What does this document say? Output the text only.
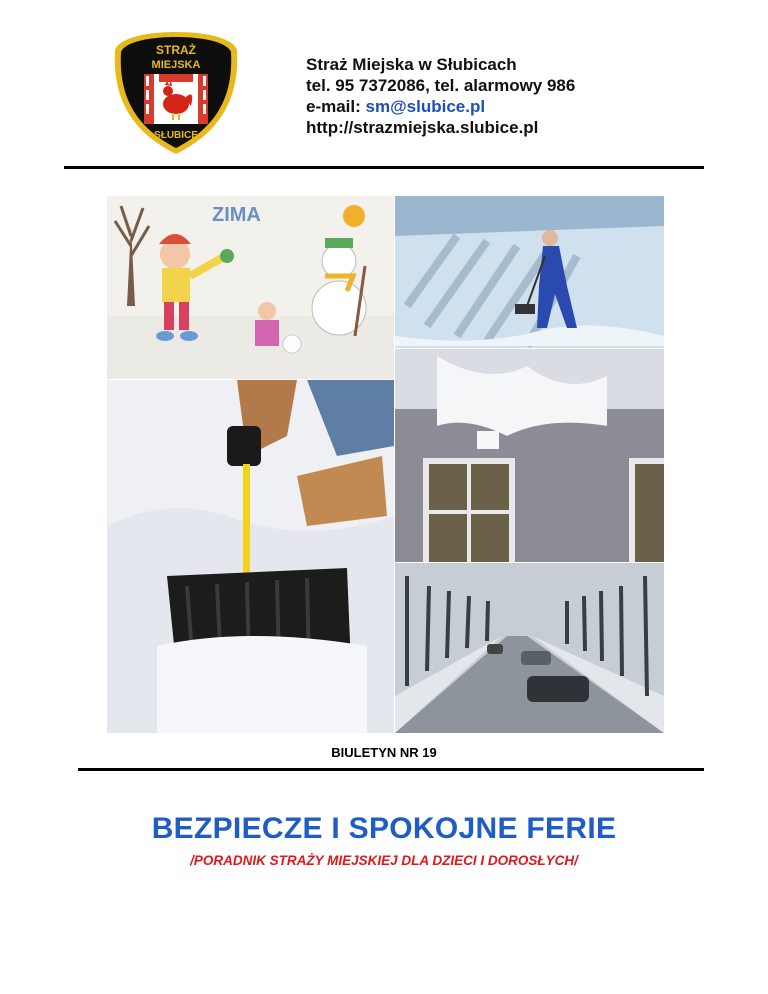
STRAŻ
MIEJSKA
SŁUBICE
Straż Miejska w Słubicach
tel. 95 7372086, tel. alarmowy 986
e-mail: sm@slubice.pl
http://strazmiejska.slubice.pl
ZIMA
BIULETYN NR 19
BEZPIECZE I SPOKOJNE FERIE
/PORADNIK STRAŻY MIEJSKIEJ DLA DZIECI I DOROSŁYCH/
